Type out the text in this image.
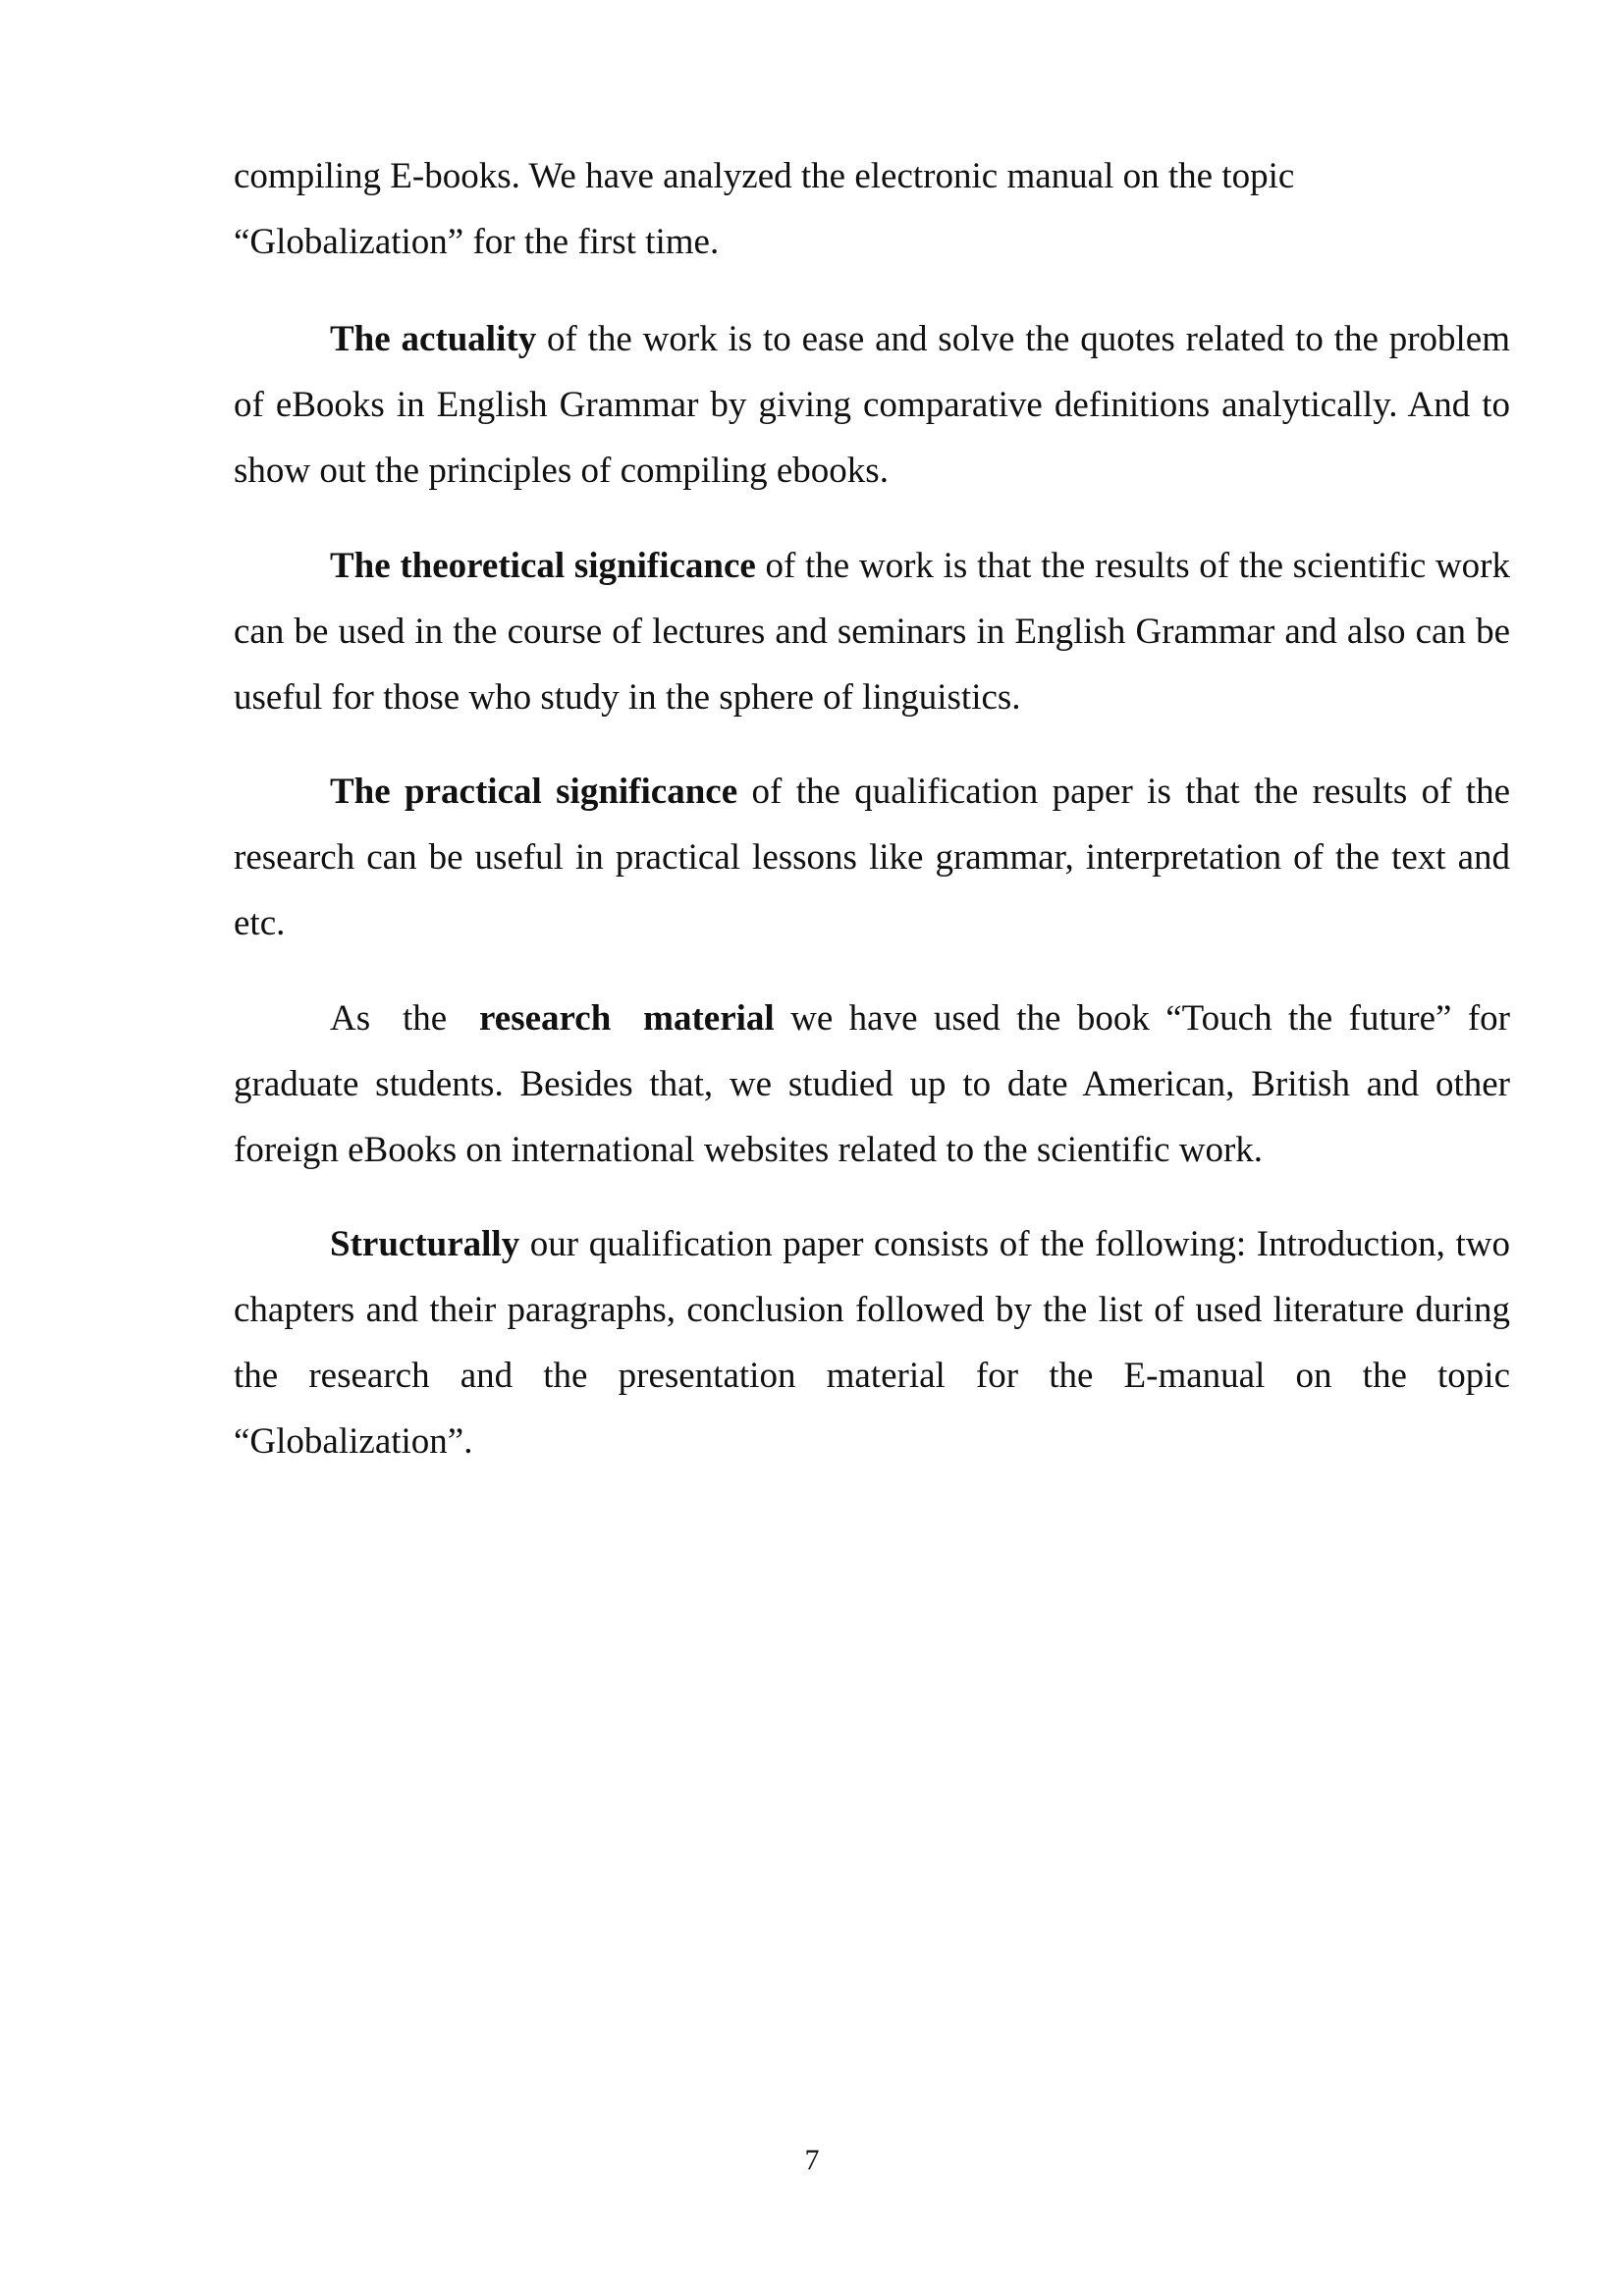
compiling E-books. We have analyzed the electronic manual on the topic
“Globalization” for the first time.

The actuality of the work is to ease and solve the quotes related to the problem of eBooks in English Grammar by giving comparative definitions analytically. And to show out the principles of compiling ebooks.

The theoretical significance of the work is that the results of the scientific work can be used in the course of lectures and seminars in English Grammar and also can be useful for those who study in the sphere of linguistics.

The practical significance of the qualification paper is that the results of the research can be useful in practical lessons like grammar, interpretation of the text and etc.

As  the  research  material we have used the book “Touch the future” for graduate students. Besides that, we studied up to date American, British and other foreign eBooks on international websites related to the scientific work.

Structurally our qualification paper consists of the following: Introduction, two chapters and their paragraphs, conclusion followed by the list of used literature during the research and the presentation material for the E-manual on the topic “Globalization”.

7
